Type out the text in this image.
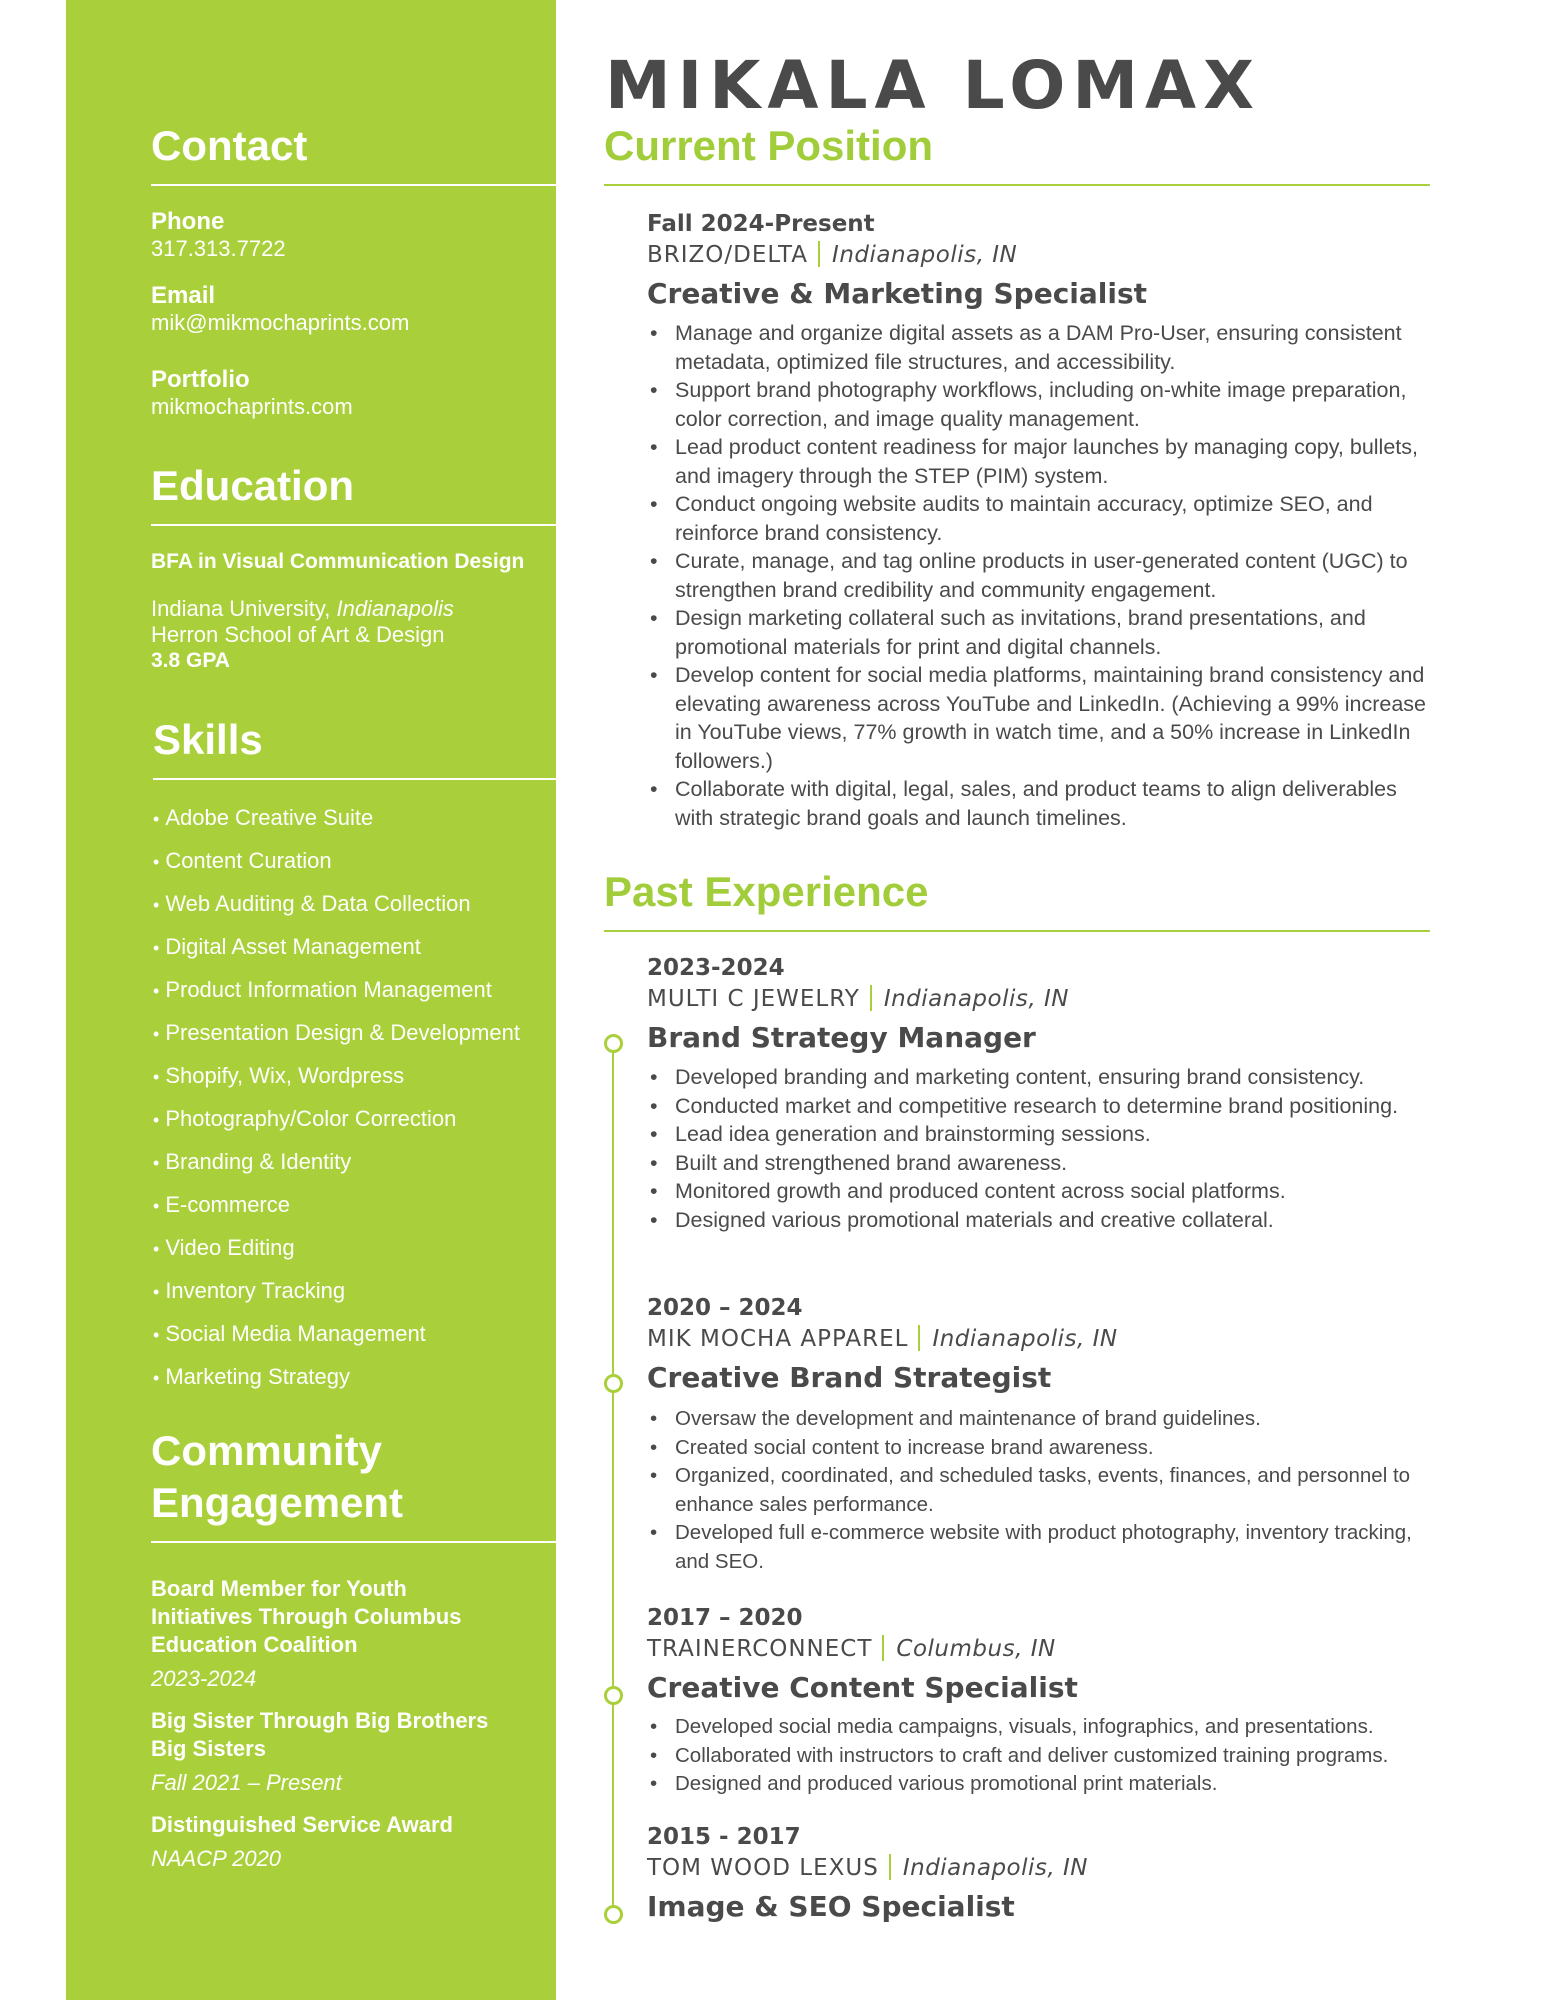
Contact
Phone
317.313.7722
Email
mik@mikmochaprints.com
Portfolio
mikmochaprints.com
Education
BFA in Visual Communication Design
Indiana University, Indianapolis
Herron School of Art & Design
3.8 GPA
Skills
• Adobe Creative Suite
• Content Curation
• Web Auditing & Data Collection
• Digital Asset Management
• Product Information Management
• Presentation Design & Development
• Shopify, Wix, Wordpress
• Photography/Color Correction
• Branding & Identity
• E-commerce
• Video Editing
• Inventory Tracking
• Social Media Management
• Marketing Strategy
Community
Engagement
Board Member for Youth Initiatives Through Columbus Education Coalition
2023-2024
Big Sister Through Big Brothers Big Sisters
Fall 2021 – Present
Distinguished Service Award
NAACP 2020
MIKALA LOMAX
Current Position
Fall 2024-Present
BRIZO/DELTA Indianapolis, IN
Creative & Marketing Specialist
• Manage and organize digital assets as a DAM Pro-User, ensuring consistent metadata, optimized file structures, and accessibility.
• Support brand photography workflows, including on-white image preparation, color correction, and image quality management.
• Lead product content readiness for major launches by managing copy, bullets, and imagery through the STEP (PIM) system.
• Conduct ongoing website audits to maintain accuracy, optimize SEO, and reinforce brand consistency.
• Curate, manage, and tag online products in user-generated content (UGC) to strengthen brand credibility and community engagement.
• Design marketing collateral such as invitations, brand presentations, and promotional materials for print and digital channels.
• Develop content for social media platforms, maintaining brand consistency and elevating awareness across YouTube and LinkedIn. (Achieving a 99% increase in YouTube views, 77% growth in watch time, and a 50% increase in LinkedIn followers.)
• Collaborate with digital, legal, sales, and product teams to align deliverables with strategic brand goals and launch timelines.
Past Experience
2023-2024
MULTI C JEWELRY Indianapolis, IN
Brand Strategy Manager
• Developed branding and marketing content, ensuring brand consistency.
• Conducted market and competitive research to determine brand positioning.
• Lead idea generation and brainstorming sessions.
• Built and strengthened brand awareness.
• Monitored growth and produced content across social platforms.
• Designed various promotional materials and creative collateral.
2020 – 2024
MIK MOCHA APPAREL Indianapolis, IN
Creative Brand Strategist
• Oversaw the development and maintenance of brand guidelines.
• Created social content to increase brand awareness.
• Organized, coordinated, and scheduled tasks, events, finances, and personnel to enhance sales performance.
• Developed full e-commerce website with product photography, inventory tracking, and SEO.
2017 – 2020
TRAINERCONNECT Columbus, IN
Creative Content Specialist
• Developed social media campaigns, visuals, infographics, and presentations.
• Collaborated with instructors to craft and deliver customized training programs.
• Designed and produced various promotional print materials.
2015 - 2017
TOM WOOD LEXUS Indianapolis, IN
Image & SEO Specialist
